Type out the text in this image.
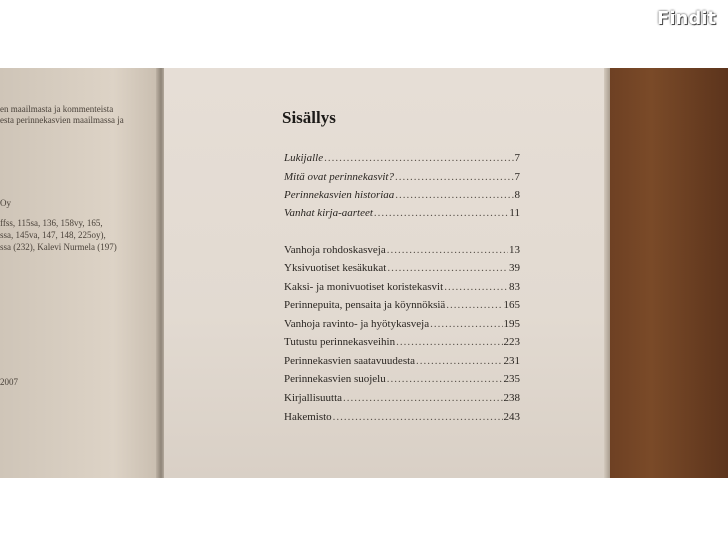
Findit
en maailmasta ja kommenteista
esta perinnekasvien maailmassa ja
Oy
ffss, 115sa, 136, 158vy, 165,
ssa, 145va, 147, 148, 225oy),
ssa (232), Kalevi Nurmela (197)
2007
Sisällys
Lukijalle .....	7
Mitä ovat perinnekasvit? .....	7
Perinnekasvien historiaa .....	8
Vanhat kirja-aarteet .....	11
Vanhoja rohdoskasveja .....	13
Yksivuotiset kesäkukat .....	39
Kaksi- ja monivuotiset koristekasvit .....	83
Perinnepuita, pensaita ja köynnöksiä .....	165
Vanhoja ravinto- ja hyötykasveja .....	195
Tutustu perinnekasveihin .....	223
Perinnekasvien saatavuudesta .....	231
Perinnekasvien suojelu .....	235
Kirjallisuutta .....	238
Hakemisto .....	243
